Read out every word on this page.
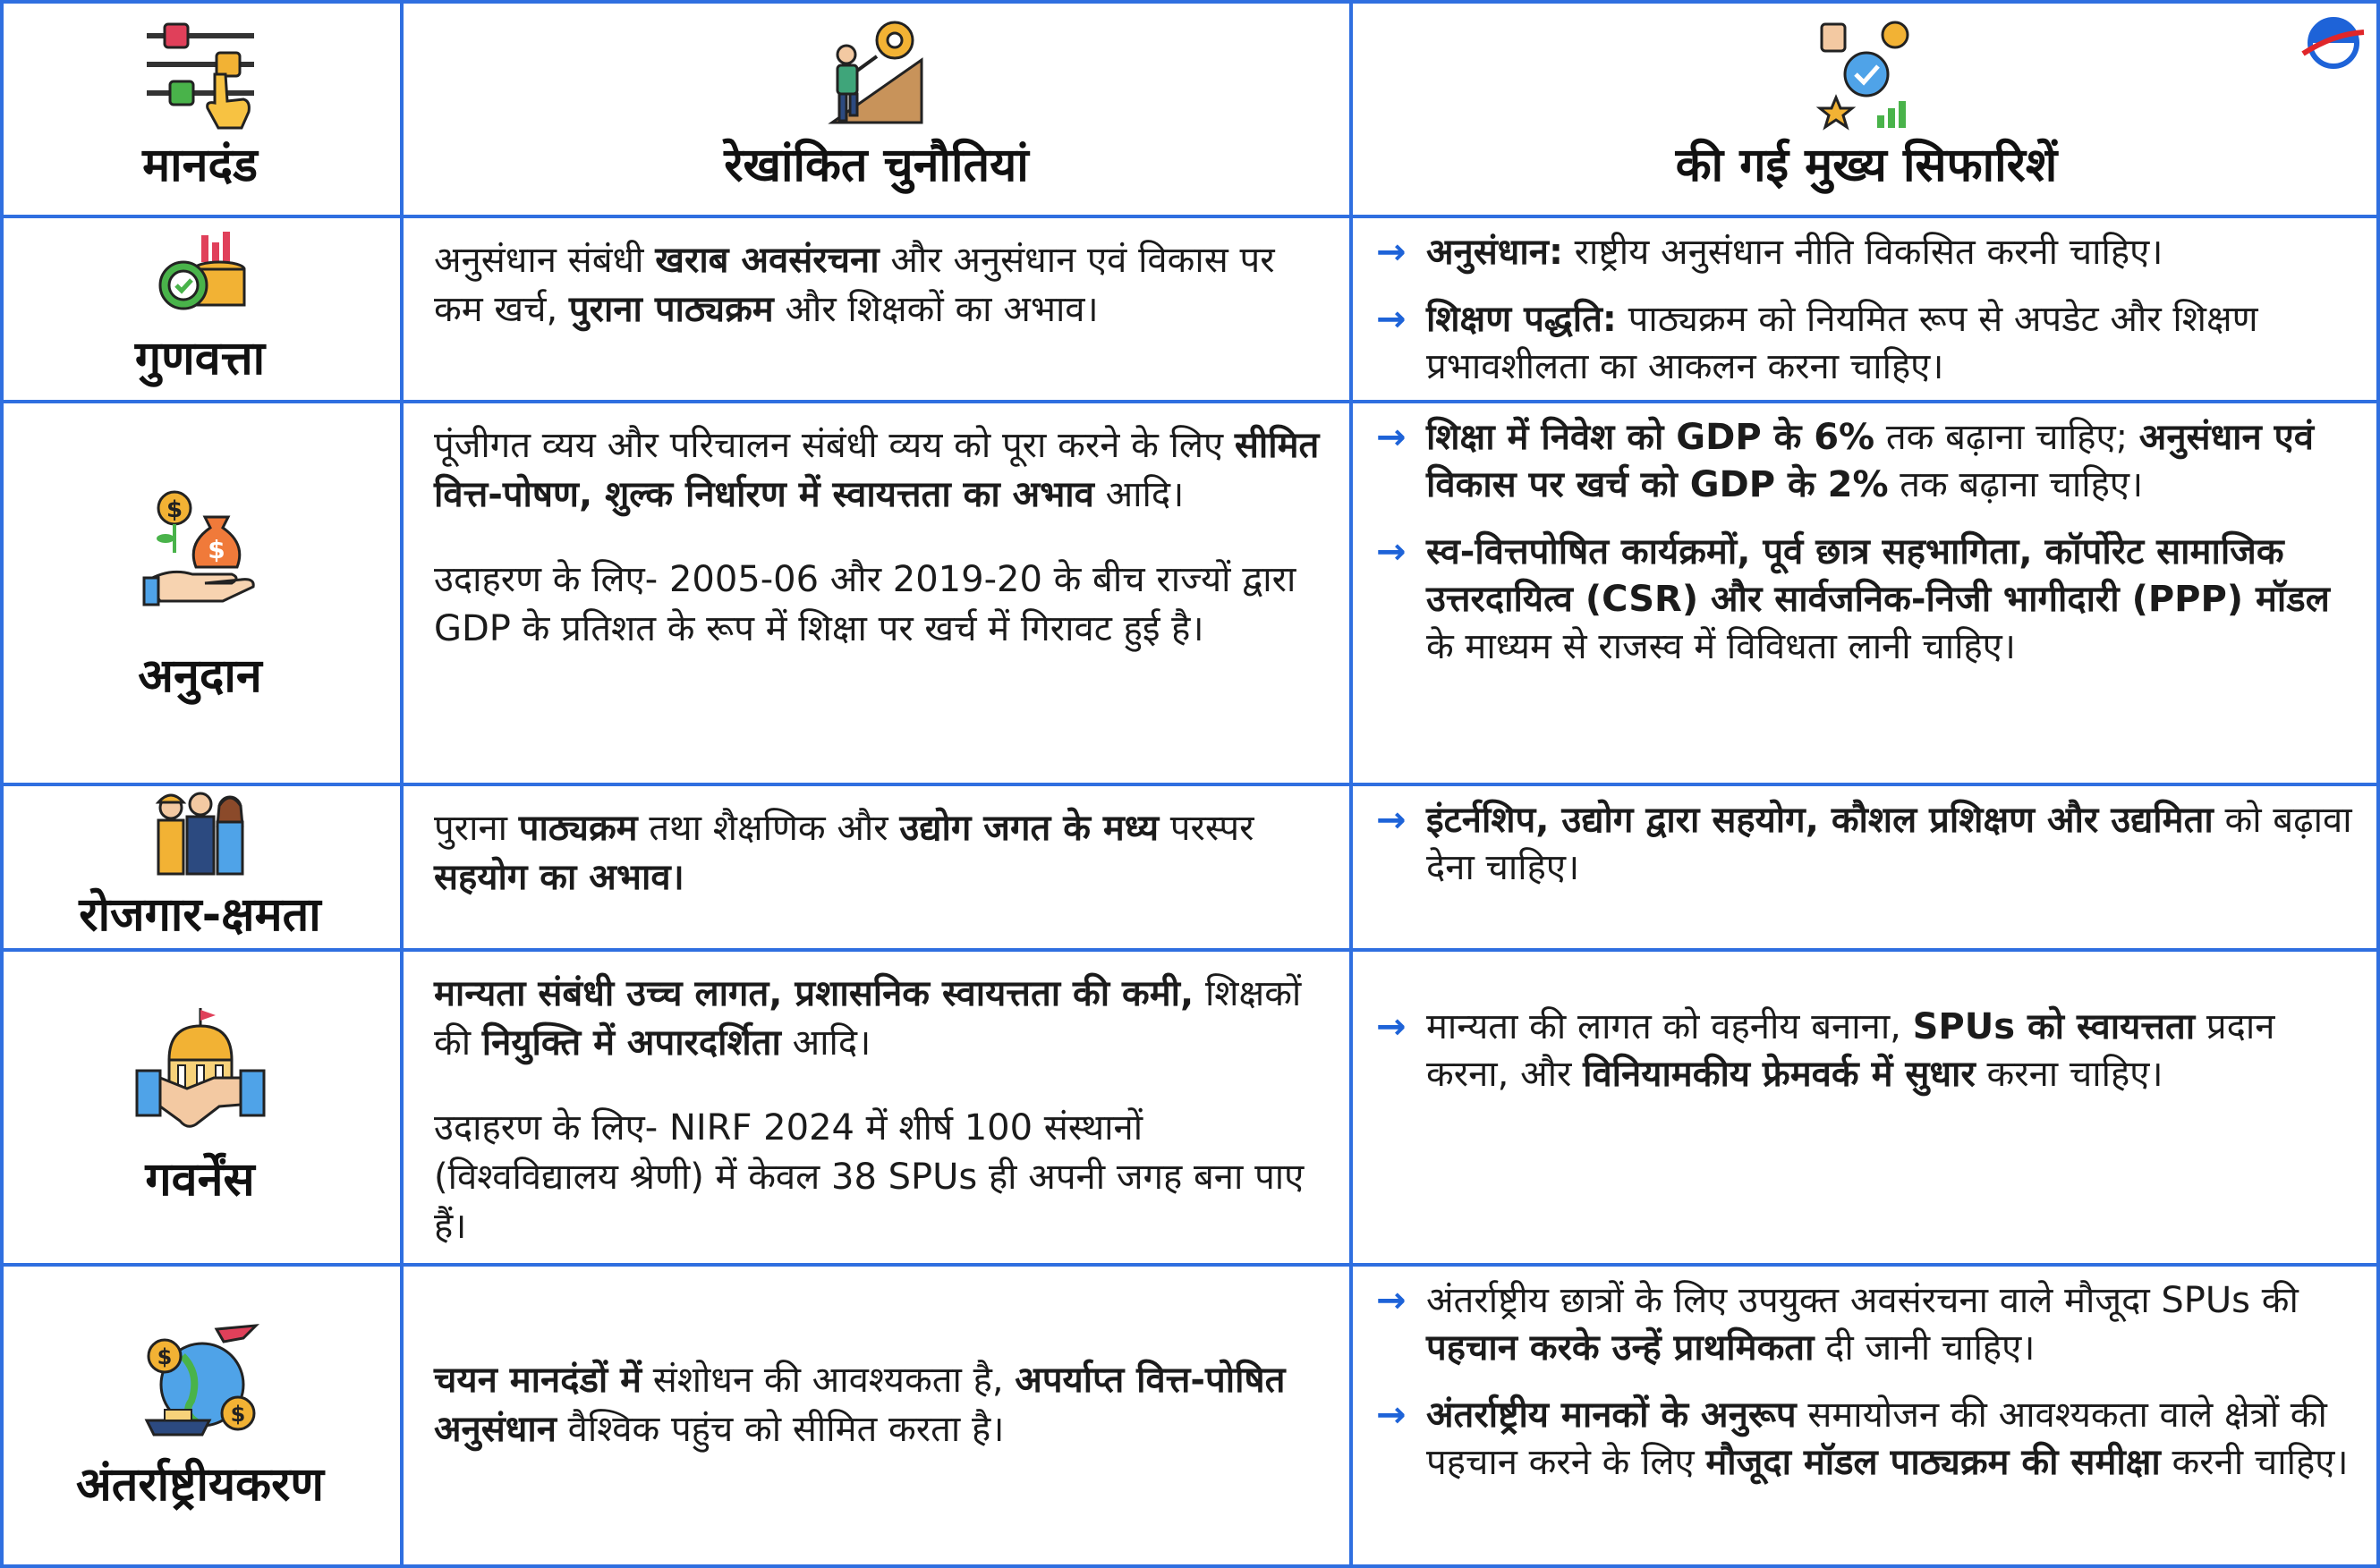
मानदंड	रेखांकित चुनौतियां	की गई मुख्य सिफारिशें
गुणवत्ता

अनुसंधान संबंधी खराब अवसंरचना और अनुसंधान एवं विकास पर कम खर्च, पुराना पाठ्यक्रम और शिक्षकों का अभाव।

→ अनुसंधान: राष्ट्रीय अनुसंधान नीति विकसित करनी चाहिए।
→ शिक्षण पद्धति: पाठ्यक्रम को नियमित रूप से अपडेट और शिक्षण प्रभावशीलता का आकलन करना चाहिए।
$
$
अनुदान

पूंजीगत व्यय और परिचालन संबंधी व्यय को पूरा करने के लिए सीमित वित्त-पोषण, शुल्क निर्धारण में स्वायत्तता का अभाव आदि।

उदाहरण के लिए- 2005-06 और 2019-20 के बीच राज्यों द्वारा GDP के प्रतिशत के रूप में शिक्षा पर खर्च में गिरावट हुई है।

→ शिक्षा में निवेश को GDP के 6% तक बढ़ाना चाहिए; अनुसंधान एवं विकास पर खर्च को GDP के 2% तक बढ़ाना चाहिए।
→ स्व-वित्तपोषित कार्यक्रमों, पूर्व छात्र सहभागिता, कॉर्पोरेट सामाजिक उत्तरदायित्व (CSR) और सार्वजनिक-निजी भागीदारी (PPP) मॉडल के माध्यम से राजस्व में विविधता लानी चाहिए।
रोजगार-क्षमता

पुराना पाठ्यक्रम तथा शैक्षणिक और उद्योग जगत के मध्य परस्पर सहयोग का अभाव।

→ इंटर्नशिप, उद्योग द्वारा सहयोग, कौशल प्रशिक्षण और उद्यमिता को बढ़ावा देना चाहिए।
गवर्नेंस

मान्यता संबंधी उच्च लागत, प्रशासनिक स्वायत्तता की कमी, शिक्षकों की नियुक्ति में अपारदर्शिता आदि।

उदाहरण के लिए- NIRF 2024 में शीर्ष 100 संस्थानों (विश्वविद्यालय श्रेणी) में केवल 38 SPUs ही अपनी जगह बना पाए हैं।

→ मान्यता की लागत को वहनीय बनाना, SPUs को स्वायत्तता प्रदान करना, और विनियामकीय फ्रेमवर्क में सुधार करना चाहिए।
$
$
अंतर्राष्ट्रीयकरण

चयन मानदंडों में संशोधन की आवश्यकता है, अपर्याप्त वित्त-पोषित अनुसंधान वैश्विक पहुंच को सीमित करता है।

→ अंतर्राष्ट्रीय छात्रों के लिए उपयुक्त अवसंरचना वाले मौजूदा SPUs की पहचान करके उन्हें प्राथमिकता दी जानी चाहिए।
→ अंतर्राष्ट्रीय मानकों के अनुरूप समायोजन की आवश्यकता वाले क्षेत्रों की पहचान करने के लिए मौजूदा मॉडल पाठ्यक्रम की समीक्षा करनी चाहिए।
